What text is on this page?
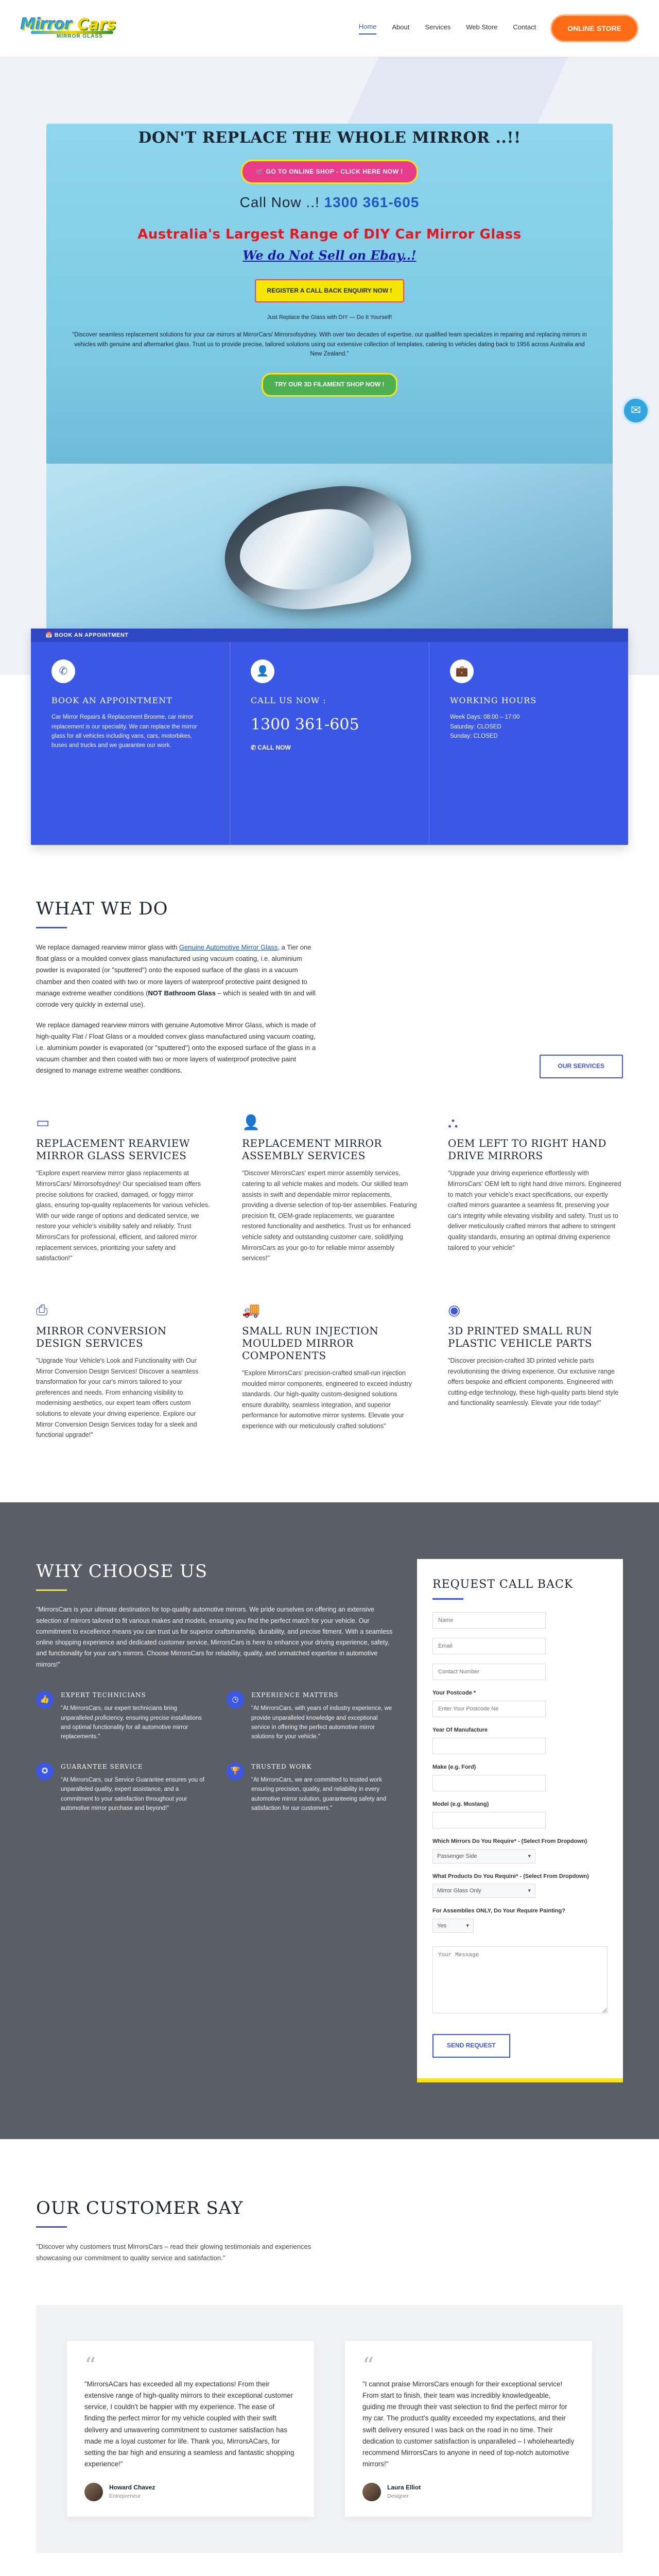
Mirror Cars
MIRROR GLASS
Home About Services Web Store Contact	ONLINE STORE
DON'T REPLACE THE WHOLE MIRROR ..!!
🛒 GO TO ONLINE SHOP - CLICK HERE NOW !
Call Now ..! 1300 361-605
Australia's Largest Range of DIY Car Mirror Glass
We do Not Sell on Ebay..!
REGISTER A CALL BACK ENQUIRY NOW !
Just Replace the Glass with DIY — Do It Yourself!

"Discover seamless replacement solutions for your car mirrors at MirrorCars/ Mirrorsofsydney. With over two decades of expertise, our qualified team specializes in repairing and replacing mirrors in vehicles with genuine and aftermarket glass. Trust us to provide precise, tailored solutions using our extensive collection of templates, catering to vehicles dating back to 1956 across Australia and New Zealand."

TRY OUR 3D FILAMENT SHOP NOW !
✉
📅 BOOK AN APPOINTMENT
✆
BOOK AN APPOINTMENT

Car Mirror Repairs & Replacement Broome, car mirror replacement is our speciality. We can replace the mirror glass for all vehicles including vans, cars, motorbikes, buses and trucks and we guarantee our work.

👤
CALL US NOW :
1300 361-605
✆ CALL NOW
💼
WORKING HOURS

Week Days: 08:00 – 17:00
Saturday: CLOSED
Sunday: CLOSED

WHAT WE DO

We replace damaged rearview mirror glass with Genuine Automotive Mirror Glass, a Tier one float glass or a moulded convex glass manufactured using vacuum coating, i.e. aluminium powder is evaporated (or "sputtered") onto the exposed surface of the glass in a vacuum chamber and then coated with two or more layers of waterproof protective paint designed to manage extreme weather conditions (NOT Bathroom Glass – which is sealed with tin and will corrode very quickly in external use).

We replace damaged rearview mirrors with genuine Automotive Mirror Glass, which is made of high-quality Flat / Float Glass or a moulded convex glass manufactured using vacuum coating, i.e. aluminium powder is evaporated (or "sputtered") onto the exposed surface of the glass in a vacuum chamber and then coated with two or more layers of waterproof protective paint designed to manage extreme weather conditions.

OUR SERVICES
▭
REPLACEMENT REARVIEW MIRROR GLASS SERVICES

"Explore expert rearview mirror glass replacements at MirrorsCars/ Mirrorsofsydney! Our specialised team offers precise solutions for cracked, damaged, or foggy mirror glass, ensuring top-quality replacements for various vehicles. With our wide range of options and dedicated service, we restore your vehicle's visibility safely and reliably. Trust MirrorsCars for professional, efficient, and tailored mirror replacement services, prioritizing your safety and satisfaction!"

👤
REPLACEMENT MIRROR ASSEMBLY SERVICES

"Discover MirrorsCars' expert mirror assembly services, catering to all vehicle makes and models. Our skilled team assists in swift and dependable mirror replacements, providing a diverse selection of top-tier assemblies. Featuring precision fit, OEM-grade replacements, we guarantee restored functionality and aesthetics. Trust us for enhanced vehicle safety and outstanding customer care, solidifying MirrorsCars as your go-to for reliable mirror assembly services!"

⛬
OEM LEFT TO RIGHT HAND DRIVE MIRRORS

"Upgrade your driving experience effortlessly with MirrorsCars' OEM left to right hand drive mirrors. Engineered to match your vehicle's exact specifications, our expertly crafted mirrors guarantee a seamless fit, preserving your car's integrity while elevating visibility and safety. Trust us to deliver meticulously crafted mirrors that adhere to stringent quality standards, ensuring an optimal driving experience tailored to your vehicle"

⎙
MIRROR CONVERSION DESIGN SERVICES

"Upgrade Your Vehicle's Look and Functionality with Our Mirror Conversion Design Services! Discover a seamless transformation for your car's mirrors tailored to your preferences and needs. From enhancing visibility to modernising aesthetics, our expert team offers custom solutions to elevate your driving experience. Explore our Mirror Conversion Design Services today for a sleek and functional upgrade!"

🚚
SMALL RUN INJECTION MOULDED MIRROR COMPONENTS

"Explore MirrorsCars' precision-crafted small-run injection moulded mirror components, engineered to exceed industry standards. Our high-quality custom-designed solutions ensure durability, seamless integration, and superior performance for automotive mirror systems. Elevate your experience with our meticulously crafted solutions"

◉
3D PRINTED SMALL RUN PLASTIC VEHICLE PARTS

"Discover precision-crafted 3D printed vehicle parts revolutionising the driving experience. Our exclusive range offers bespoke and efficient components. Engineered with cutting-edge technology, these high-quality parts blend style and functionality seamlessly. Elevate your ride today!"

WHY CHOOSE US

"MirrorsCars is your ultimate destination for top-quality automotive mirrors. We pride ourselves on offering an extensive selection of mirrors tailored to fit various makes and models, ensuring you find the perfect match for your vehicle. Our commitment to excellence means you can trust us for superior craftsmanship, durability, and precise fitment. With a seamless online shopping experience and dedicated customer service, MirrorsCars is here to enhance your driving experience, safety, and functionality for your car's mirrors. Choose MirrorsCars for reliability, quality, and unmatched expertise in automotive mirrors!"

👍
EXPERT TECHNICIANS

"At MirrorsCars, our expert technicians bring unparalleled proficiency, ensuring precise installations and optimal functionality for all automotive mirror replacements."

◷
EXPERIENCE MATTERS

"At MirrorsCars, with years of industry experience, we provide unparalleled knowledge and exceptional service in offering the perfect automotive mirror solutions for your vehicle."

✪
GUARANTEE SERVICE

"At MirrorsCars, our Service Guarantee ensures you of unparalleled quality, expert assistance, and a commitment to your satisfaction throughout your automotive mirror purchase and beyond!"

🏆
TRUSTED WORK

"At MirrorsCars, we are committed to trusted work ensuring precision, quality, and reliability in every automotive mirror solution, guaranteeing safety and satisfaction for our customers."

REQUEST CALL BACK
Name
Email
Contact Number
Your Postcode *
Enter Your Postcode Ne
Year Of Manufacture
Make (e.g. Ford)
Model (e.g. Mustang)
Which Mirrors Do You Require* - (Select From Dropdown)
Passenger Side	▾
What Products Do You Require* - (Select From Dropdown)
Mirror Glass Only	▾
For Assemblies ONLY, Do Your Require Painting?
Yes	▾
Your Message
SEND REQUEST
OUR CUSTOMER SAY

"Discover why customers trust MirrorsCars – read their glowing testimonials and experiences showcasing our commitment to quality service and satisfaction."

“

"MirrorsACars has exceeded all my expectations! From their extensive range of high-quality mirrors to their exceptional customer service, I couldn't be happier with my experience. The ease of finding the perfect mirror for my vehicle coupled with their swift delivery and unwavering commitment to customer satisfaction has made me a loyal customer for life. Thank you, MirrorsACars, for setting the bar high and ensuring a seamless and fantastic shopping experience!"

Howard Chavez
Entrepreneur
“

"I cannot praise MirrorsCars enough for their exceptional service! From start to finish, their team was incredibly knowledgeable, guiding me through their vast selection to find the perfect mirror for my car. The product's quality exceeded my expectations, and their swift delivery ensured I was back on the road in no time. Their dedication to customer satisfaction is unparalleled – I wholeheartedly recommend MirrorsCars to anyone in need of top-notch automotive mirrors!"

Laura Elliot
Designer
